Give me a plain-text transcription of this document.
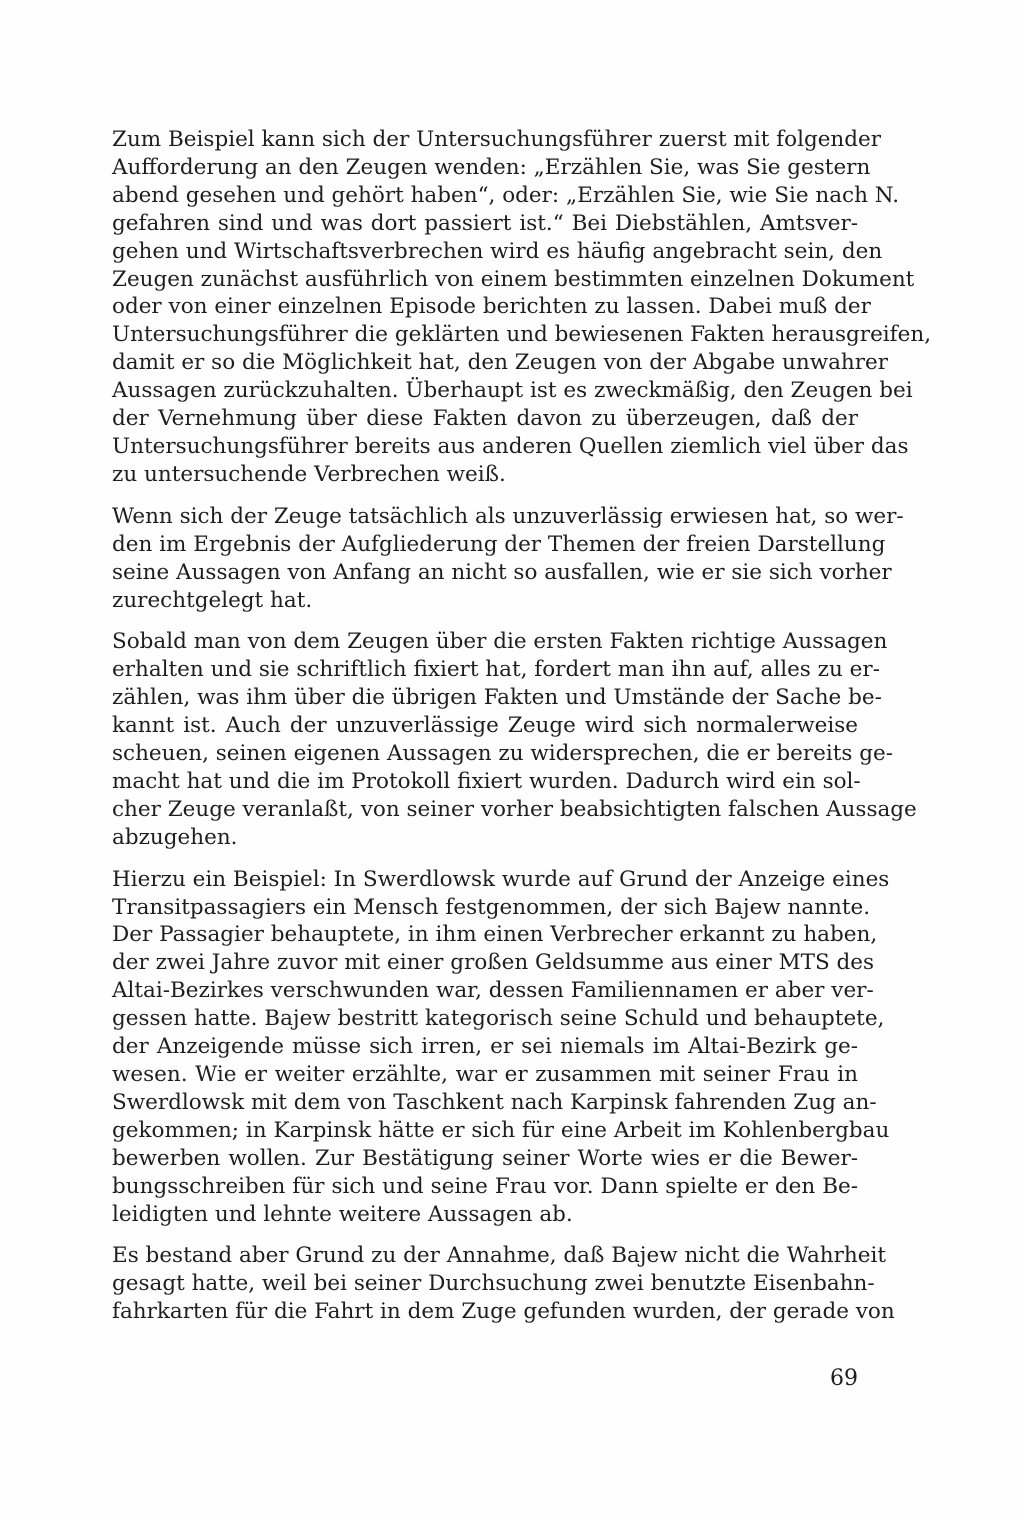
Zum Beispiel kann sich der Untersuchungsführer zuerst mit folgender
Aufforderung an den Zeugen wenden: „Erzählen Sie, was Sie gestern
abend gesehen und gehört haben“, oder: „Erzählen Sie, wie Sie nach N.
gefahren sind und was dort passiert ist.“ Bei Diebstählen, Amtsver-
gehen und Wirtschaftsverbrechen wird es häufig angebracht sein, den
Zeugen zunächst ausführlich von einem bestimmten einzelnen Dokument
oder von einer einzelnen Episode berichten zu lassen. Dabei muß der
Untersuchungsführer die geklärten und bewiesenen Fakten herausgreifen,
damit er so die Möglichkeit hat, den Zeugen von der Abgabe unwahrer
Aussagen zurückzuhalten. Überhaupt ist es zweckmäßig, den Zeugen bei
der Vernehmung über diese Fakten davon zu überzeugen, daß der
Untersuchungsführer bereits aus anderen Quellen ziemlich viel über das
zu untersuchende Verbrechen weiß.
Wenn sich der Zeuge tatsächlich als unzuverlässig erwiesen hat, so wer-
den im Ergebnis der Aufgliederung der Themen der freien Darstellung
seine Aussagen von Anfang an nicht so ausfallen, wie er sie sich vorher
zurechtgelegt hat.
Sobald man von dem Zeugen über die ersten Fakten richtige Aussagen
erhalten und sie schriftlich fixiert hat, fordert man ihn auf, alles zu er-
zählen, was ihm über die übrigen Fakten und Umstände der Sache be-
kannt ist. Auch der unzuverlässige Zeuge wird sich normalerweise
scheuen, seinen eigenen Aussagen zu widersprechen, die er bereits ge-
macht hat und die im Protokoll fixiert wurden. Dadurch wird ein sol-
cher Zeuge veranlaßt, von seiner vorher beabsichtigten falschen Aussage
abzugehen.
Hierzu ein Beispiel: In Swerdlowsk wurde auf Grund der Anzeige eines
Transitpassagiers ein Mensch festgenommen, der sich Bajew nannte.
Der Passagier behauptete, in ihm einen Verbrecher erkannt zu haben,
der zwei Jahre zuvor mit einer großen Geldsumme aus einer MTS des
Altai-Bezirkes verschwunden war, dessen Familiennamen er aber ver-
gessen hatte. Bajew bestritt kategorisch seine Schuld und behauptete,
der Anzeigende müsse sich irren, er sei niemals im Altai-Bezirk ge-
wesen. Wie er weiter erzählte, war er zusammen mit seiner Frau in
Swerdlowsk mit dem von Taschkent nach Karpinsk fahrenden Zug an-
gekommen; in Karpinsk hätte er sich für eine Arbeit im Kohlenbergbau
bewerben wollen. Zur Bestätigung seiner Worte wies er die Bewer-
bungsschreiben für sich und seine Frau vor. Dann spielte er den Be-
leidigten und lehnte weitere Aussagen ab.
Es bestand aber Grund zu der Annahme, daß Bajew nicht die Wahrheit
gesagt hatte, weil bei seiner Durchsuchung zwei benutzte Eisenbahn-
fahrkarten für die Fahrt in dem Zuge gefunden wurden, der gerade von
69
